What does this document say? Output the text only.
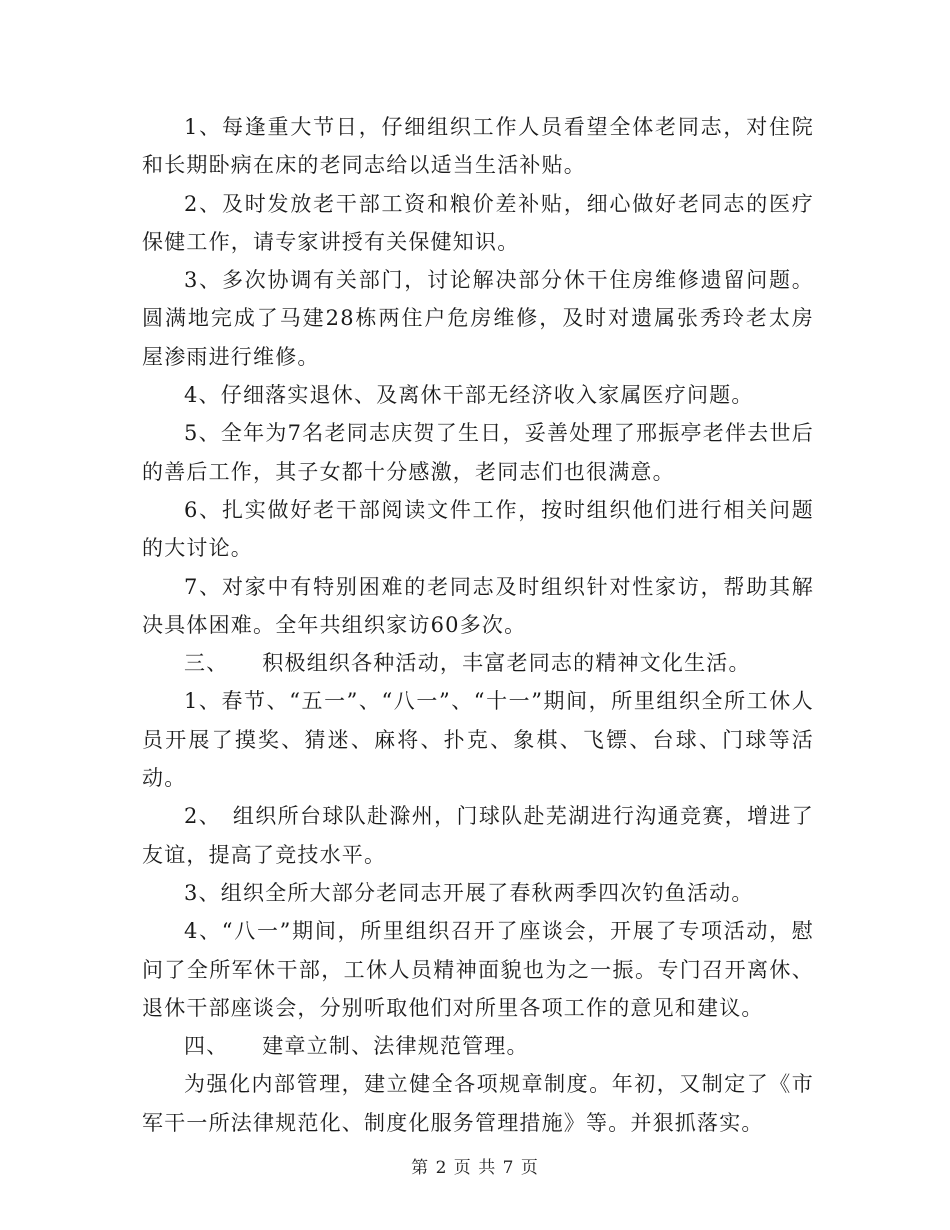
1、每逢重大节日，仔细组织工作人员看望全体老同志，对住院和长期卧病在床的老同志给以适当生活补贴。

2、及时发放老干部工资和粮价差补贴，细心做好老同志的医疗保健工作，请专家讲授有关保健知识。

3、多次协调有关部门，讨论解决部分休干住房维修遗留问题。圆满地完成了马建28栋两住户危房维修，及时对遗属张秀玲老太房屋渗雨进行维修。

4、仔细落实退休、及离休干部无经济收入家属医疗问题。

5、全年为7名老同志庆贺了生日，妥善处理了邢振亭老伴去世后的善后工作，其子女都十分感激，老同志们也很满意。

6、扎实做好老干部阅读文件工作，按时组织他们进行相关问题的大讨论。

7、对家中有特别困难的老同志及时组织针对性家访，帮助其解决具体困难。全年共组织家访60多次。

三、　　积极组织各种活动，丰富老同志的精神文化生活。

1、春节、“五一”、“八一”、“十一”期间，所里组织全所工休人员开展了摸奖、猜迷、麻将、扑克、象棋、飞镖、台球、门球等活动。

2、　组织所台球队赴滁州，门球队赴芜湖进行沟通竞赛，增进了友谊，提高了竞技水平。

3、组织全所大部分老同志开展了春秋两季四次钓鱼活动。

4、“八一”期间，所里组织召开了座谈会，开展了专项活动，慰问了全所军休干部，工休人员精神面貌也为之一振。专门召开离休、退休干部座谈会，分别听取他们对所里各项工作的意见和建议。

四、　　建章立制、法律规范管理。

为强化内部管理，建立健全各项规章制度。年初，又制定了《市军干一所法律规范化、制度化服务管理措施》等。并狠抓落实。

第 2 页 共 7 页
